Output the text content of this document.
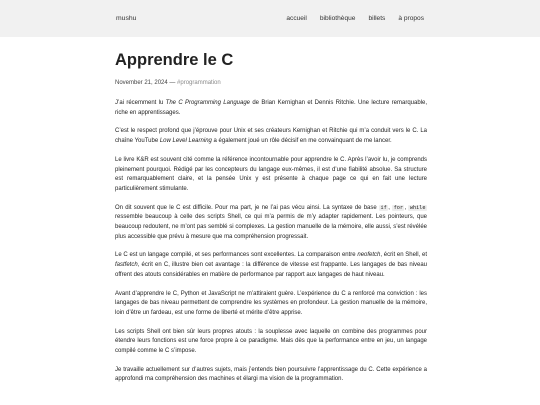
mushu	accueil bibliothèque billets à propos
Apprendre le C
November 21, 2024 — #programmation

J’ai récemment lu The C Programming Language de Brian Kernighan et Dennis Ritchie. Une lecture remarquable, riche en apprentissages.

C’est le respect profond que j’éprouve pour Unix et ses créateurs Kernighan et Ritchie qui m’a conduit vers le C. La chaîne YouTube Low Level Learning a également joué un rôle décisif en me convainquant de me lancer.

Le livre K&R est souvent cité comme la référence incontournable pour apprendre le C. Après l’avoir lu, je comprends pleinement pourquoi. Rédigé par les concepteurs du langage eux-mêmes, il est d’une fiabilité absolue. Sa structure est remarquablement claire, et la pensée Unix y est présente à chaque page ce qui en fait une lecture particulièrement stimulante.

On dit souvent que le C est difficile. Pour ma part, je ne l’ai pas vécu ainsi. La syntaxe de base if , for , while ressemble beaucoup à celle des scripts Shell, ce qui m’a permis de m’y adapter rapidement. Les pointeurs, que beaucoup redoutent, ne m’ont pas semblé si complexes. La gestion manuelle de la mémoire, elle aussi, s’est révélée plus accessible que prévu à mesure que ma compréhension progressait.

Le C est un langage compilé, et ses performances sont excellentes. La comparaison entre neofetch, écrit en Shell, et fastfetch, écrit en C, illustre bien cet avantage : la différence de vitesse est frappante. Les langages de bas niveau offrent des atouts considérables en matière de performance par rapport aux langages de haut niveau.

Avant d’apprendre le C, Python et JavaScript ne m’attiraient guère. L’expérience du C a renforcé ma conviction : les langages de bas niveau permettent de comprendre les systèmes en profondeur. La gestion manuelle de la mémoire, loin d’être un fardeau, est une forme de liberté et mérite d’être apprise.

Les scripts Shell ont bien sûr leurs propres atouts : la souplesse avec laquelle on combine des programmes pour étendre leurs fonctions est une force propre à ce paradigme. Mais dès que la performance entre en jeu, un langage compilé comme le C s’impose.

Je travaille actuellement sur d’autres sujets, mais j’entends bien poursuivre l’apprentissage du C. Cette expérience a approfondi ma compréhension des machines et élargi ma vision de la programmation.
